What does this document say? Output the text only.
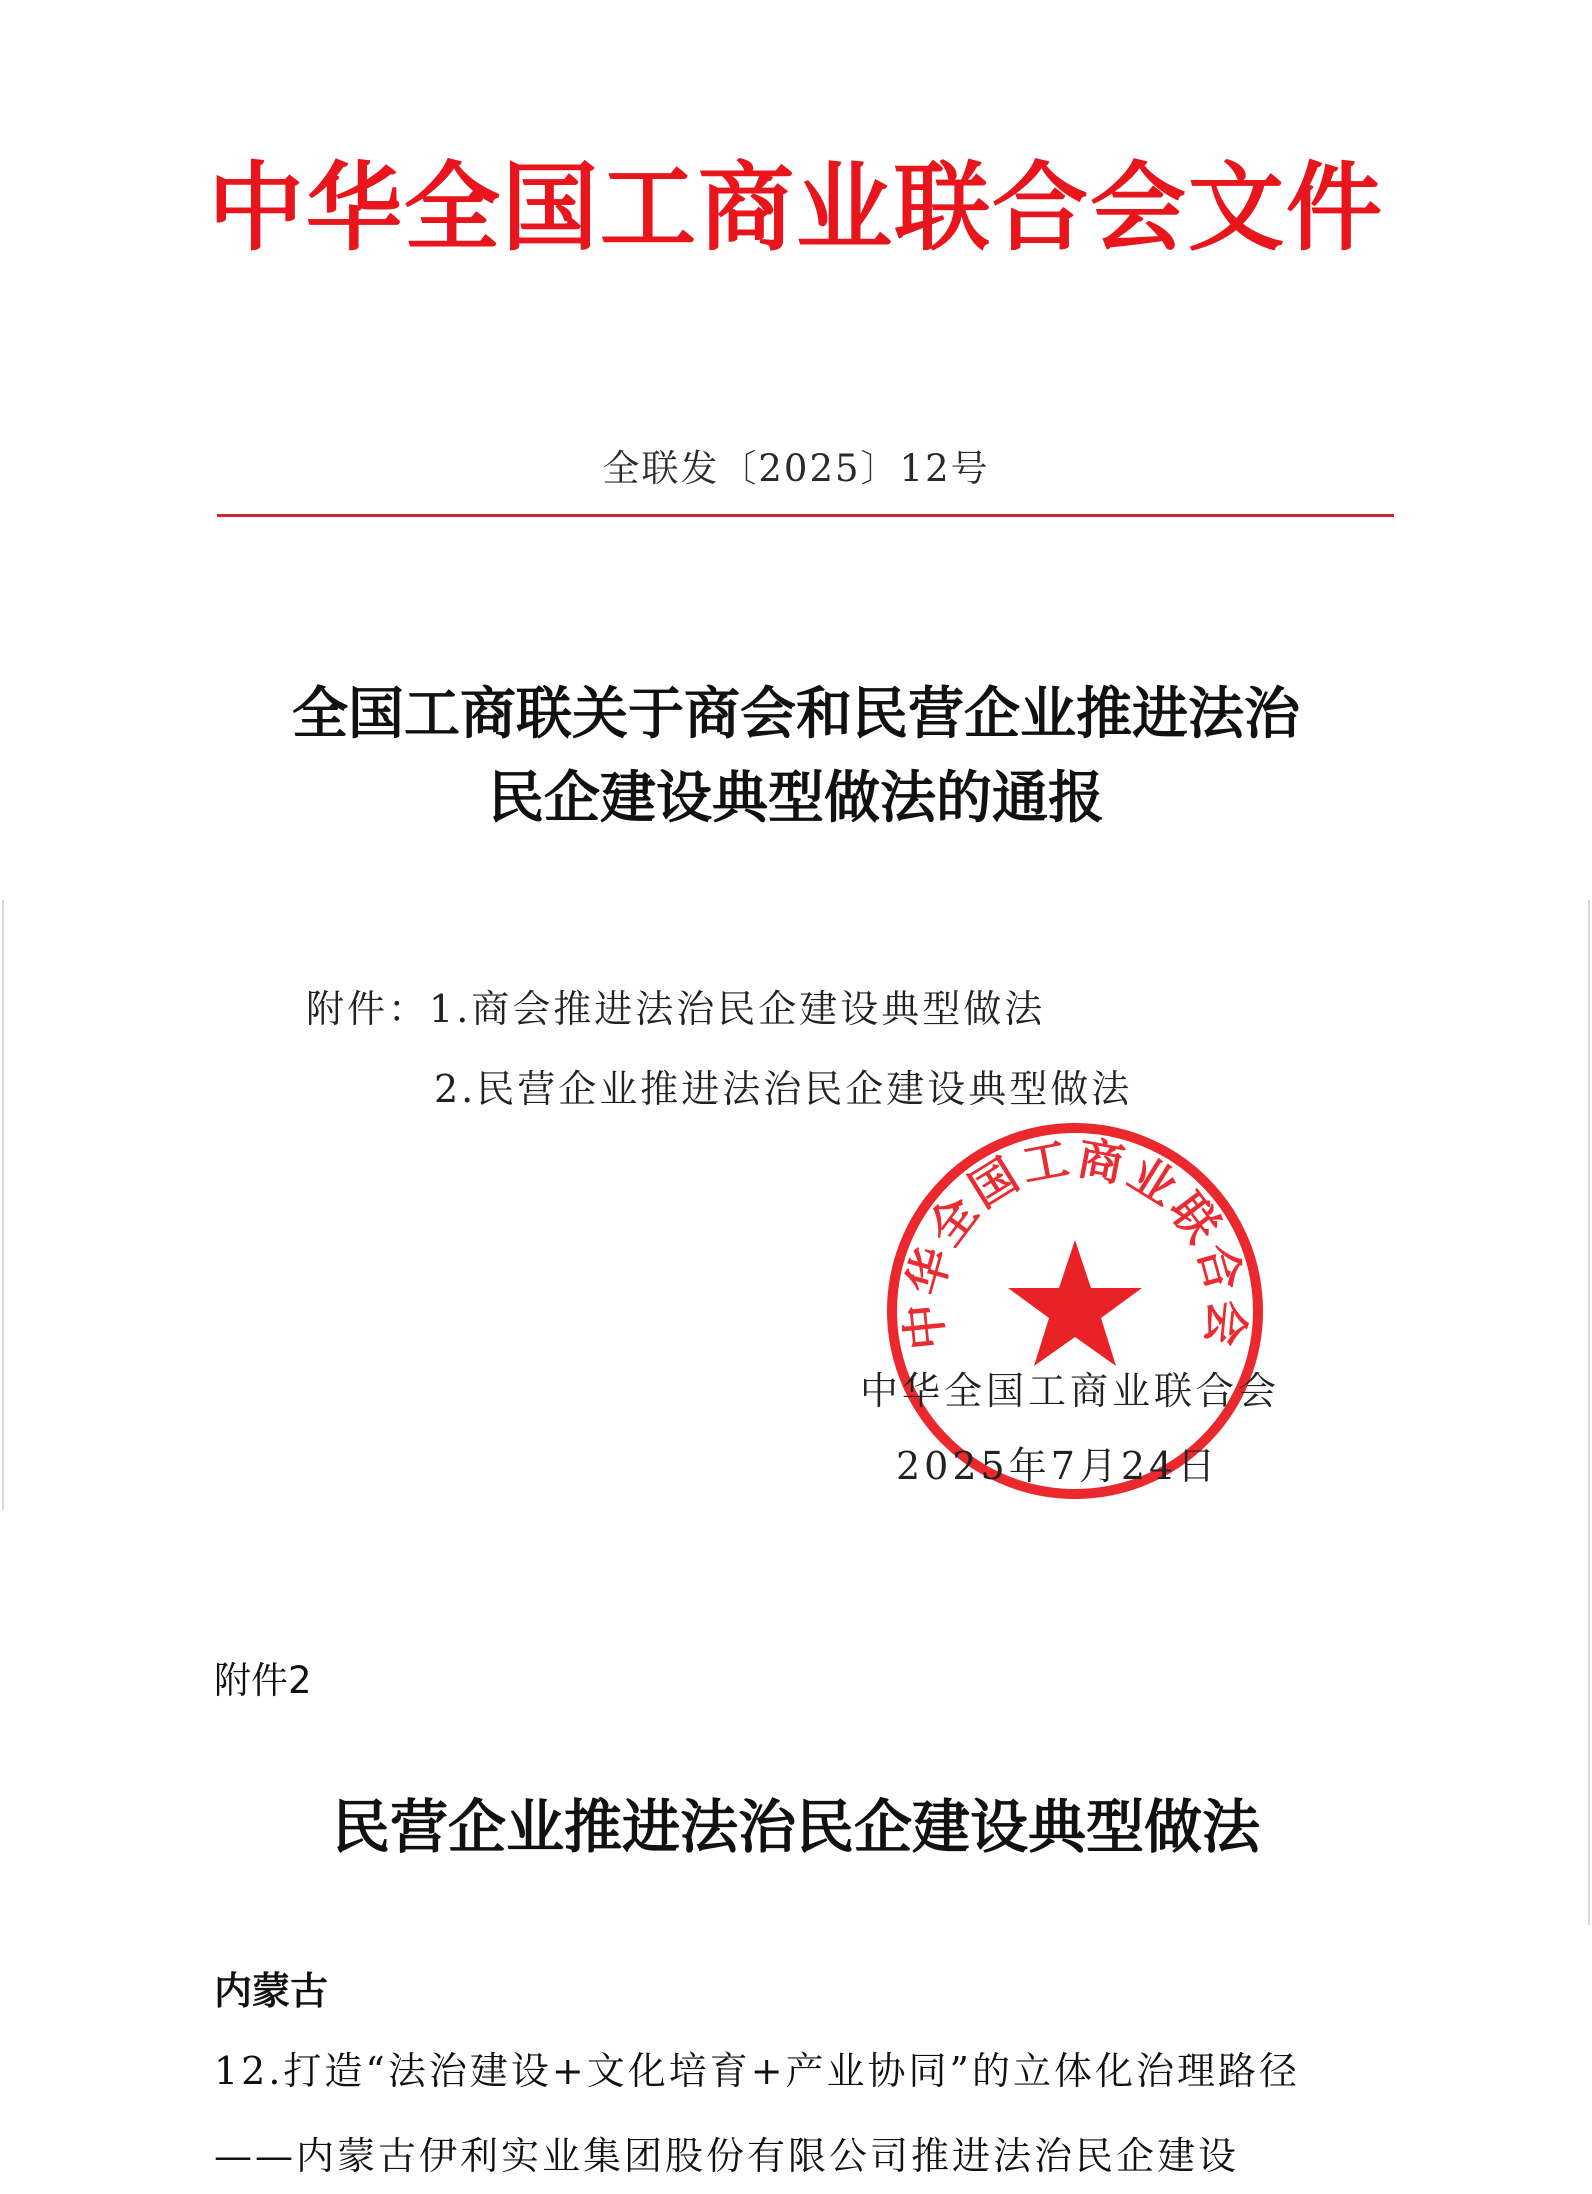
中华全国工商业联合会文件
全联发〔2025〕12号
全国工商联关于商会和民营企业推进法治
民企建设典型做法的通报
附件：1.商会推进法治民企建设典型做法
2.民营企业推进法治民企建设典型做法
中华全国工商业联合会
中华全国工商业联合会
2025年7月24日
附件2
民营企业推进法治民企建设典型做法
内蒙古
12.打造“法治建设+文化培育+产业协同”的立体化治理路径
——内蒙古伊利实业集团股份有限公司推进法治民企建设
